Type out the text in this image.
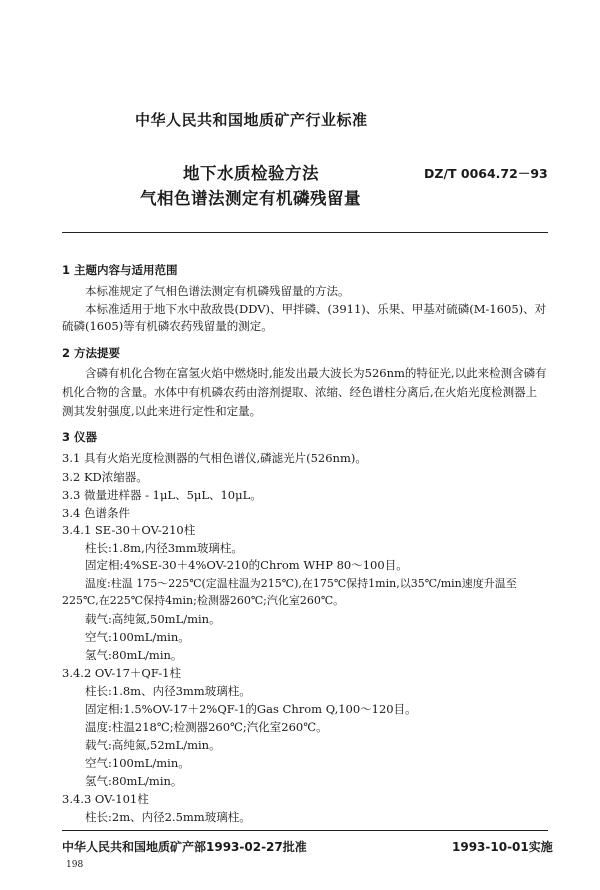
中华人民共和国地质矿产行业标准
地下水质检验方法
气相色谱法测定有机磷残留量
DZ/T 0064.72－93
1 主题内容与适用范围
本标准规定了气相色谱法测定有机磷残留量的方法。
本标准适用于地下水中敌敌畏(DDV)、甲拌磷、(3911)、乐果、甲基对硫磷(M-1605)、对硫磷(1605)等有机磷农药残留量的测定。
2 方法提要
含磷有机化合物在富氢火焰中燃烧时,能发出最大波长为526nm的特征光,以此来检测含磷有机化合物的含量。水体中有机磷农药由溶剂提取、浓缩、经色谱柱分离后,在火焰光度检测器上测其发射强度,以此来进行定性和定量。
3 仪器
3.1 具有火焰光度检测器的气相色谱仪,磷滤光片(526nm)。
3.2 KD浓缩器。
3.3 微量进样器 - 1μL、5μL、10μL。
3.4 色谱条件
3.4.1 SE-30＋OV-210柱
柱长:1.8m,内径3mm玻璃柱。
固定相:4%SE-30＋4%OV-210的Chrom WHP 80～100目。
温度:柱温 175～225℃(定温柱温为215℃),在175℃保持1min,以35℃/min速度升温至225℃,在225℃保持4min;检测器260℃;汽化室260℃。
载气:高纯氮,50mL/min。
空气:100mL/min。
氢气:80mL/min。
3.4.2 OV-17＋QF-1柱
柱长:1.8m、内径3mm玻璃柱。
固定相:1.5%OV-17＋2%QF-1的Gas Chrom Q,100～120目。
温度:柱温218℃;检测器260℃;汽化室260℃。
载气:高纯氮,52mL/min。
空气:100mL/min。
氢气:80mL/min。
3.4.3 OV-101柱
柱长:2m、内径2.5mm玻璃柱。
中华人民共和国地质矿产部1993-02-27批准	1993-10-01实施
198
